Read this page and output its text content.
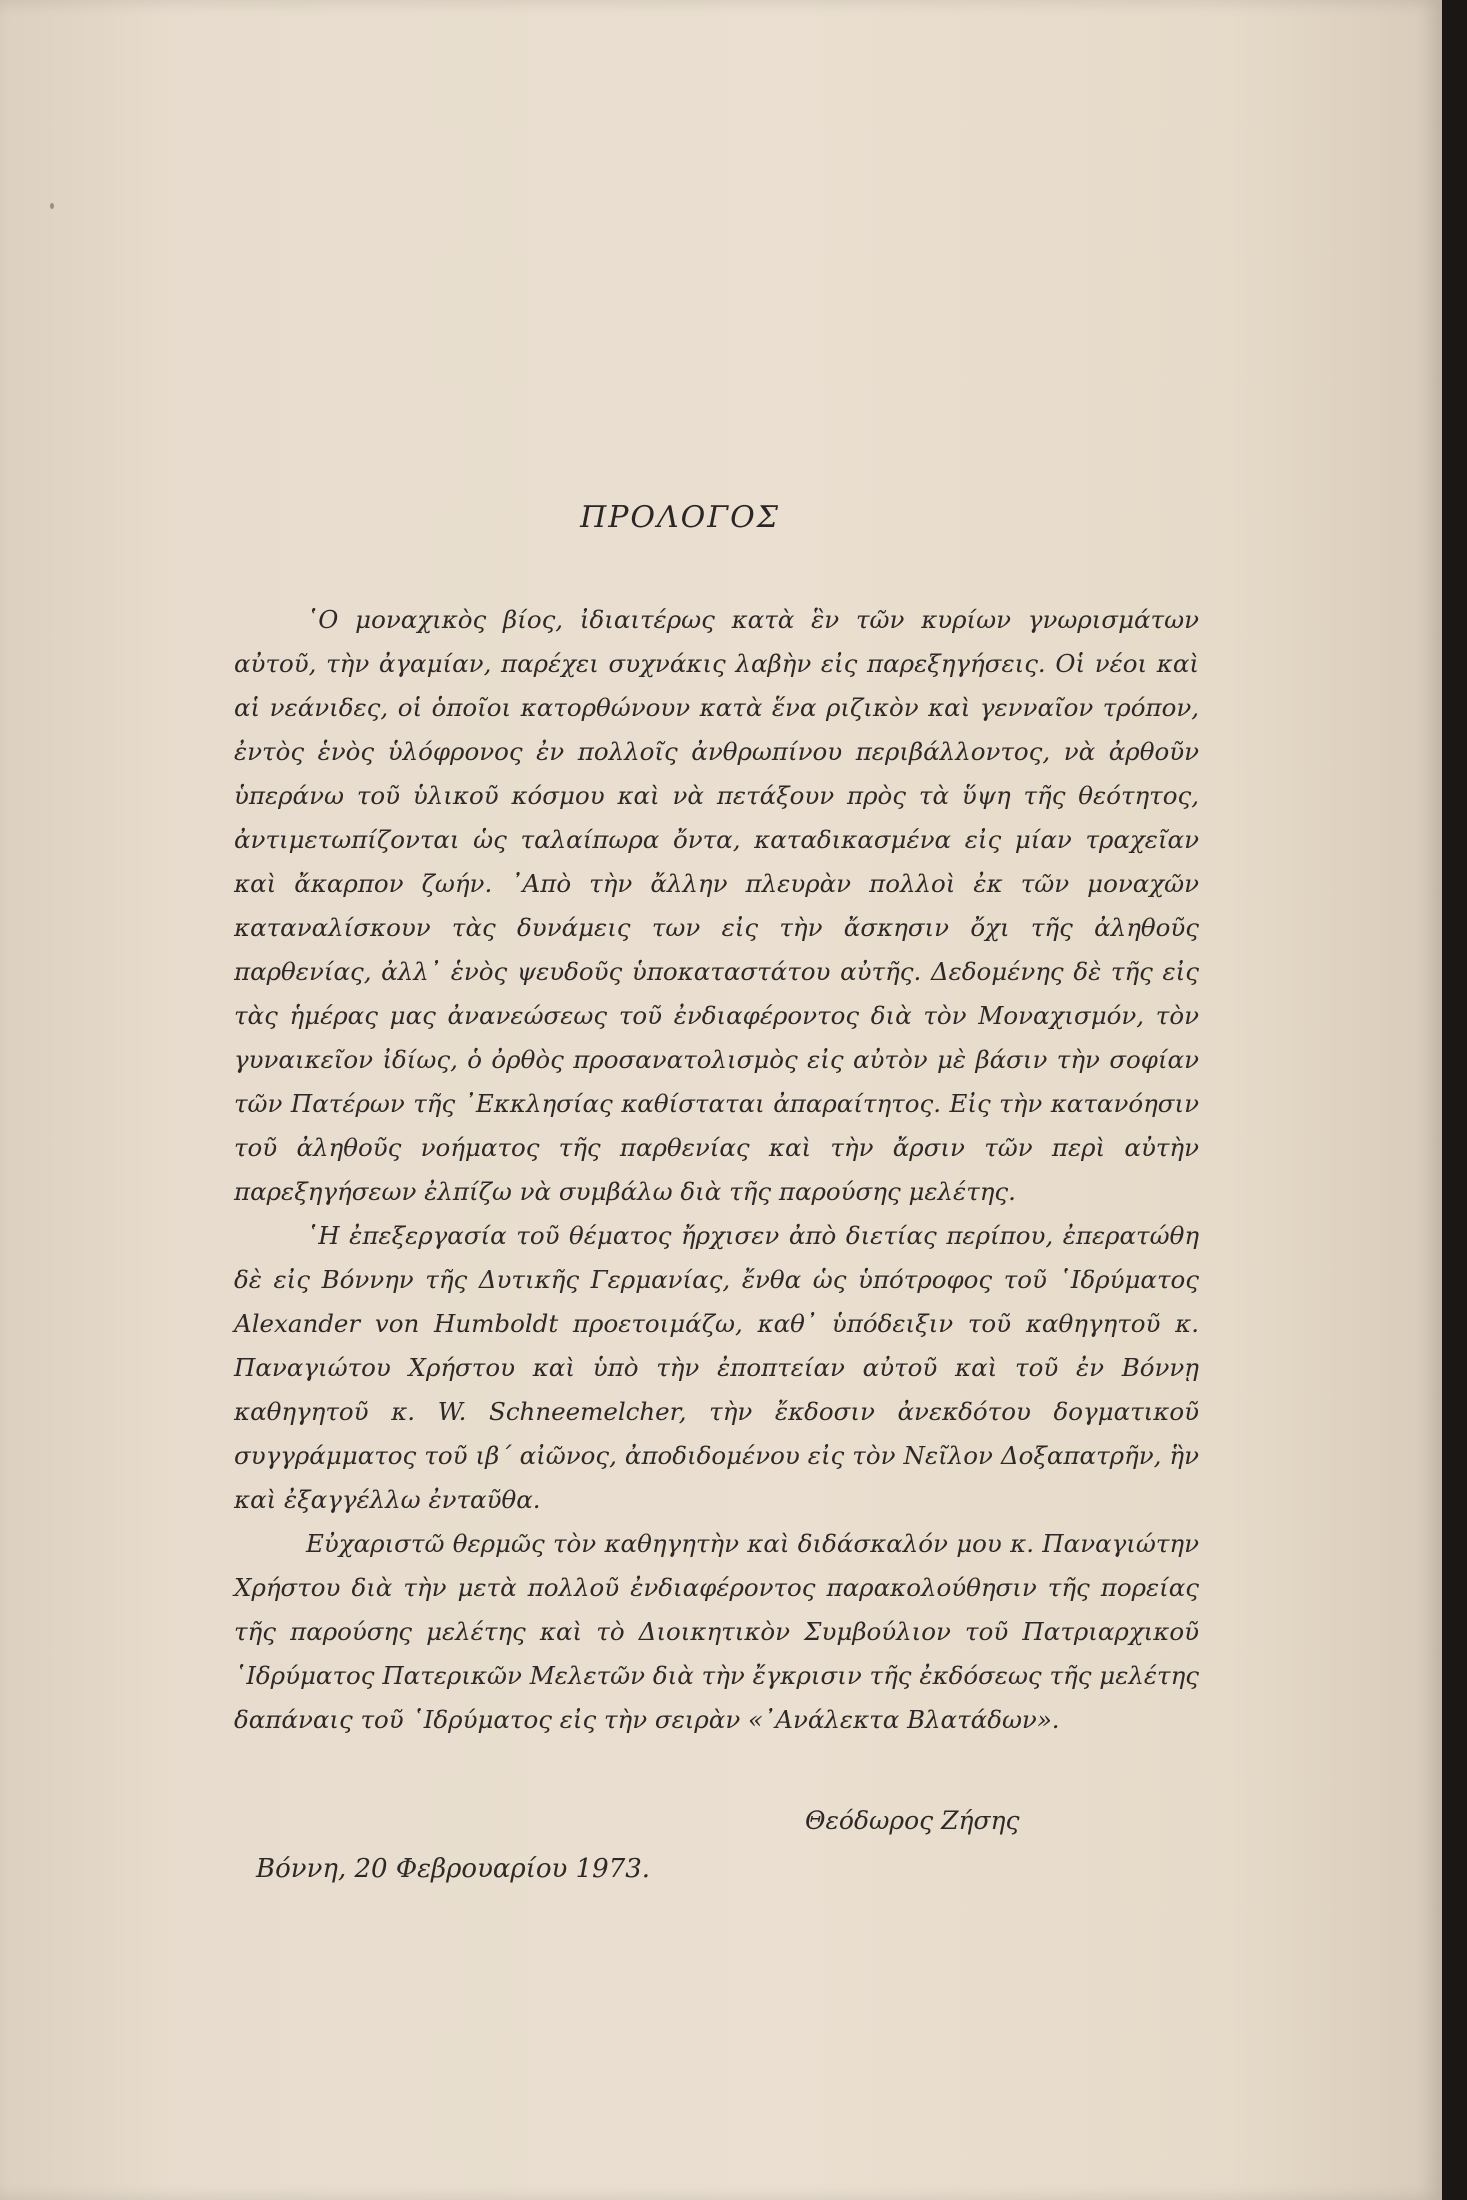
ΠΡΟΛΟΓΟΣ

῾Ο μοναχικὸς βίος, ἰδιαιτέρως κατὰ ἓν τῶν κυρίων γνωρισμάτων αὐτοῦ, τὴν ἀγαμίαν, παρέχει συχνάκις λαβὴν εἰς παρεξηγήσεις. Οἱ νέοι καὶ αἱ νεάνιδες, οἱ ὁποῖοι κατορθώνουν κατὰ ἕνα ριζικὸν καὶ γενναῖον τρόπον, ἐντὸς ἑνὸς ὑλόφρονος ἐν πολλοῖς ἀνθρωπίνου περιβάλλοντος, νὰ ἀρθοῦν ὑπεράνω τοῦ ὑλικοῦ κόσμου καὶ νὰ πετάξουν πρὸς τὰ ὕψη τῆς θεότητος, ἀντιμετωπίζονται ὡς ταλαίπωρα ὄντα, καταδικασμένα εἰς μίαν τραχεῖαν καὶ ἄκαρπον ζωήν. ᾿Απὸ τὴν ἄλλην πλευρὰν πολλοὶ ἐκ τῶν μοναχῶν καταναλίσκουν τὰς δυνάμεις των εἰς τὴν ἄσκησιν ὄχι τῆς ἀληθοῦς παρθενίας, ἀλλ᾿ ἑνὸς ψευδοῦς ὑποκαταστάτου αὐτῆς. Δεδομένης δὲ τῆς εἰς τὰς ἡμέρας μας ἀνανεώσεως τοῦ ἐνδιαφέροντος διὰ τὸν Μοναχισμόν, τὸν γυναικεῖον ἰδίως, ὁ ὀρθὸς προσανατολισμὸς εἰς αὐτὸν μὲ βάσιν τὴν σοφίαν τῶν Πατέρων τῆς ᾿Εκκλησίας καθίσταται ἀπαραίτητος. Εἰς τὴν κατανόησιν τοῦ ἀληθοῦς νοήματος τῆς παρθενίας καὶ τὴν ἄρσιν τῶν περὶ αὐτὴν παρεξηγήσεων ἐλπίζω νὰ συμβάλω διὰ τῆς παρούσης μελέτης.

῾Η ἐπεξεργασία τοῦ θέματος ἤρχισεν ἀπὸ διετίας περίπου, ἐπερατώθη δὲ εἰς Βόννην τῆς Δυτικῆς Γερμανίας, ἔνθα ὡς ὑπότροφος τοῦ ῾Ιδρύματος Alexander von Humboldt προετοιμάζω, καθ᾿ ὑπόδειξιν τοῦ καθηγητοῦ κ. Παναγιώτου Χρήστου καὶ ὑπὸ τὴν ἐποπτείαν αὐτοῦ καὶ τοῦ ἐν Βόννῃ καθηγητοῦ κ. W. Schneemelcher, τὴν ἔκδοσιν ἀνεκδότου δογματικοῦ συγγράμματος τοῦ ιβ΄ αἰῶνος, ἀποδιδομένου εἰς τὸν Νεῖλον Δοξαπατρῆν, ἣν καὶ ἐξαγγέλλω ἐνταῦθα.

Εὐχαριστῶ θερμῶς τὸν καθηγητὴν καὶ διδάσκαλόν μου κ. Παναγιώτην Χρήστου διὰ τὴν μετὰ πολλοῦ ἐνδιαφέροντος παρακολούθησιν τῆς πορείας τῆς παρούσης μελέτης καὶ τὸ Διοικητικὸν Συμβούλιον τοῦ Πατριαρχικοῦ ῾Ιδρύματος Πατερικῶν Μελετῶν διὰ τὴν ἔγκρισιν τῆς ἐκδόσεως τῆς μελέτης δαπάναις τοῦ ῾Ιδρύματος εἰς τὴν σειρὰν «᾿Ανάλεκτα Βλατάδων».

Θεόδωρος Ζήσης
Βόννη, 20 Φεβρουαρίου 1973.
